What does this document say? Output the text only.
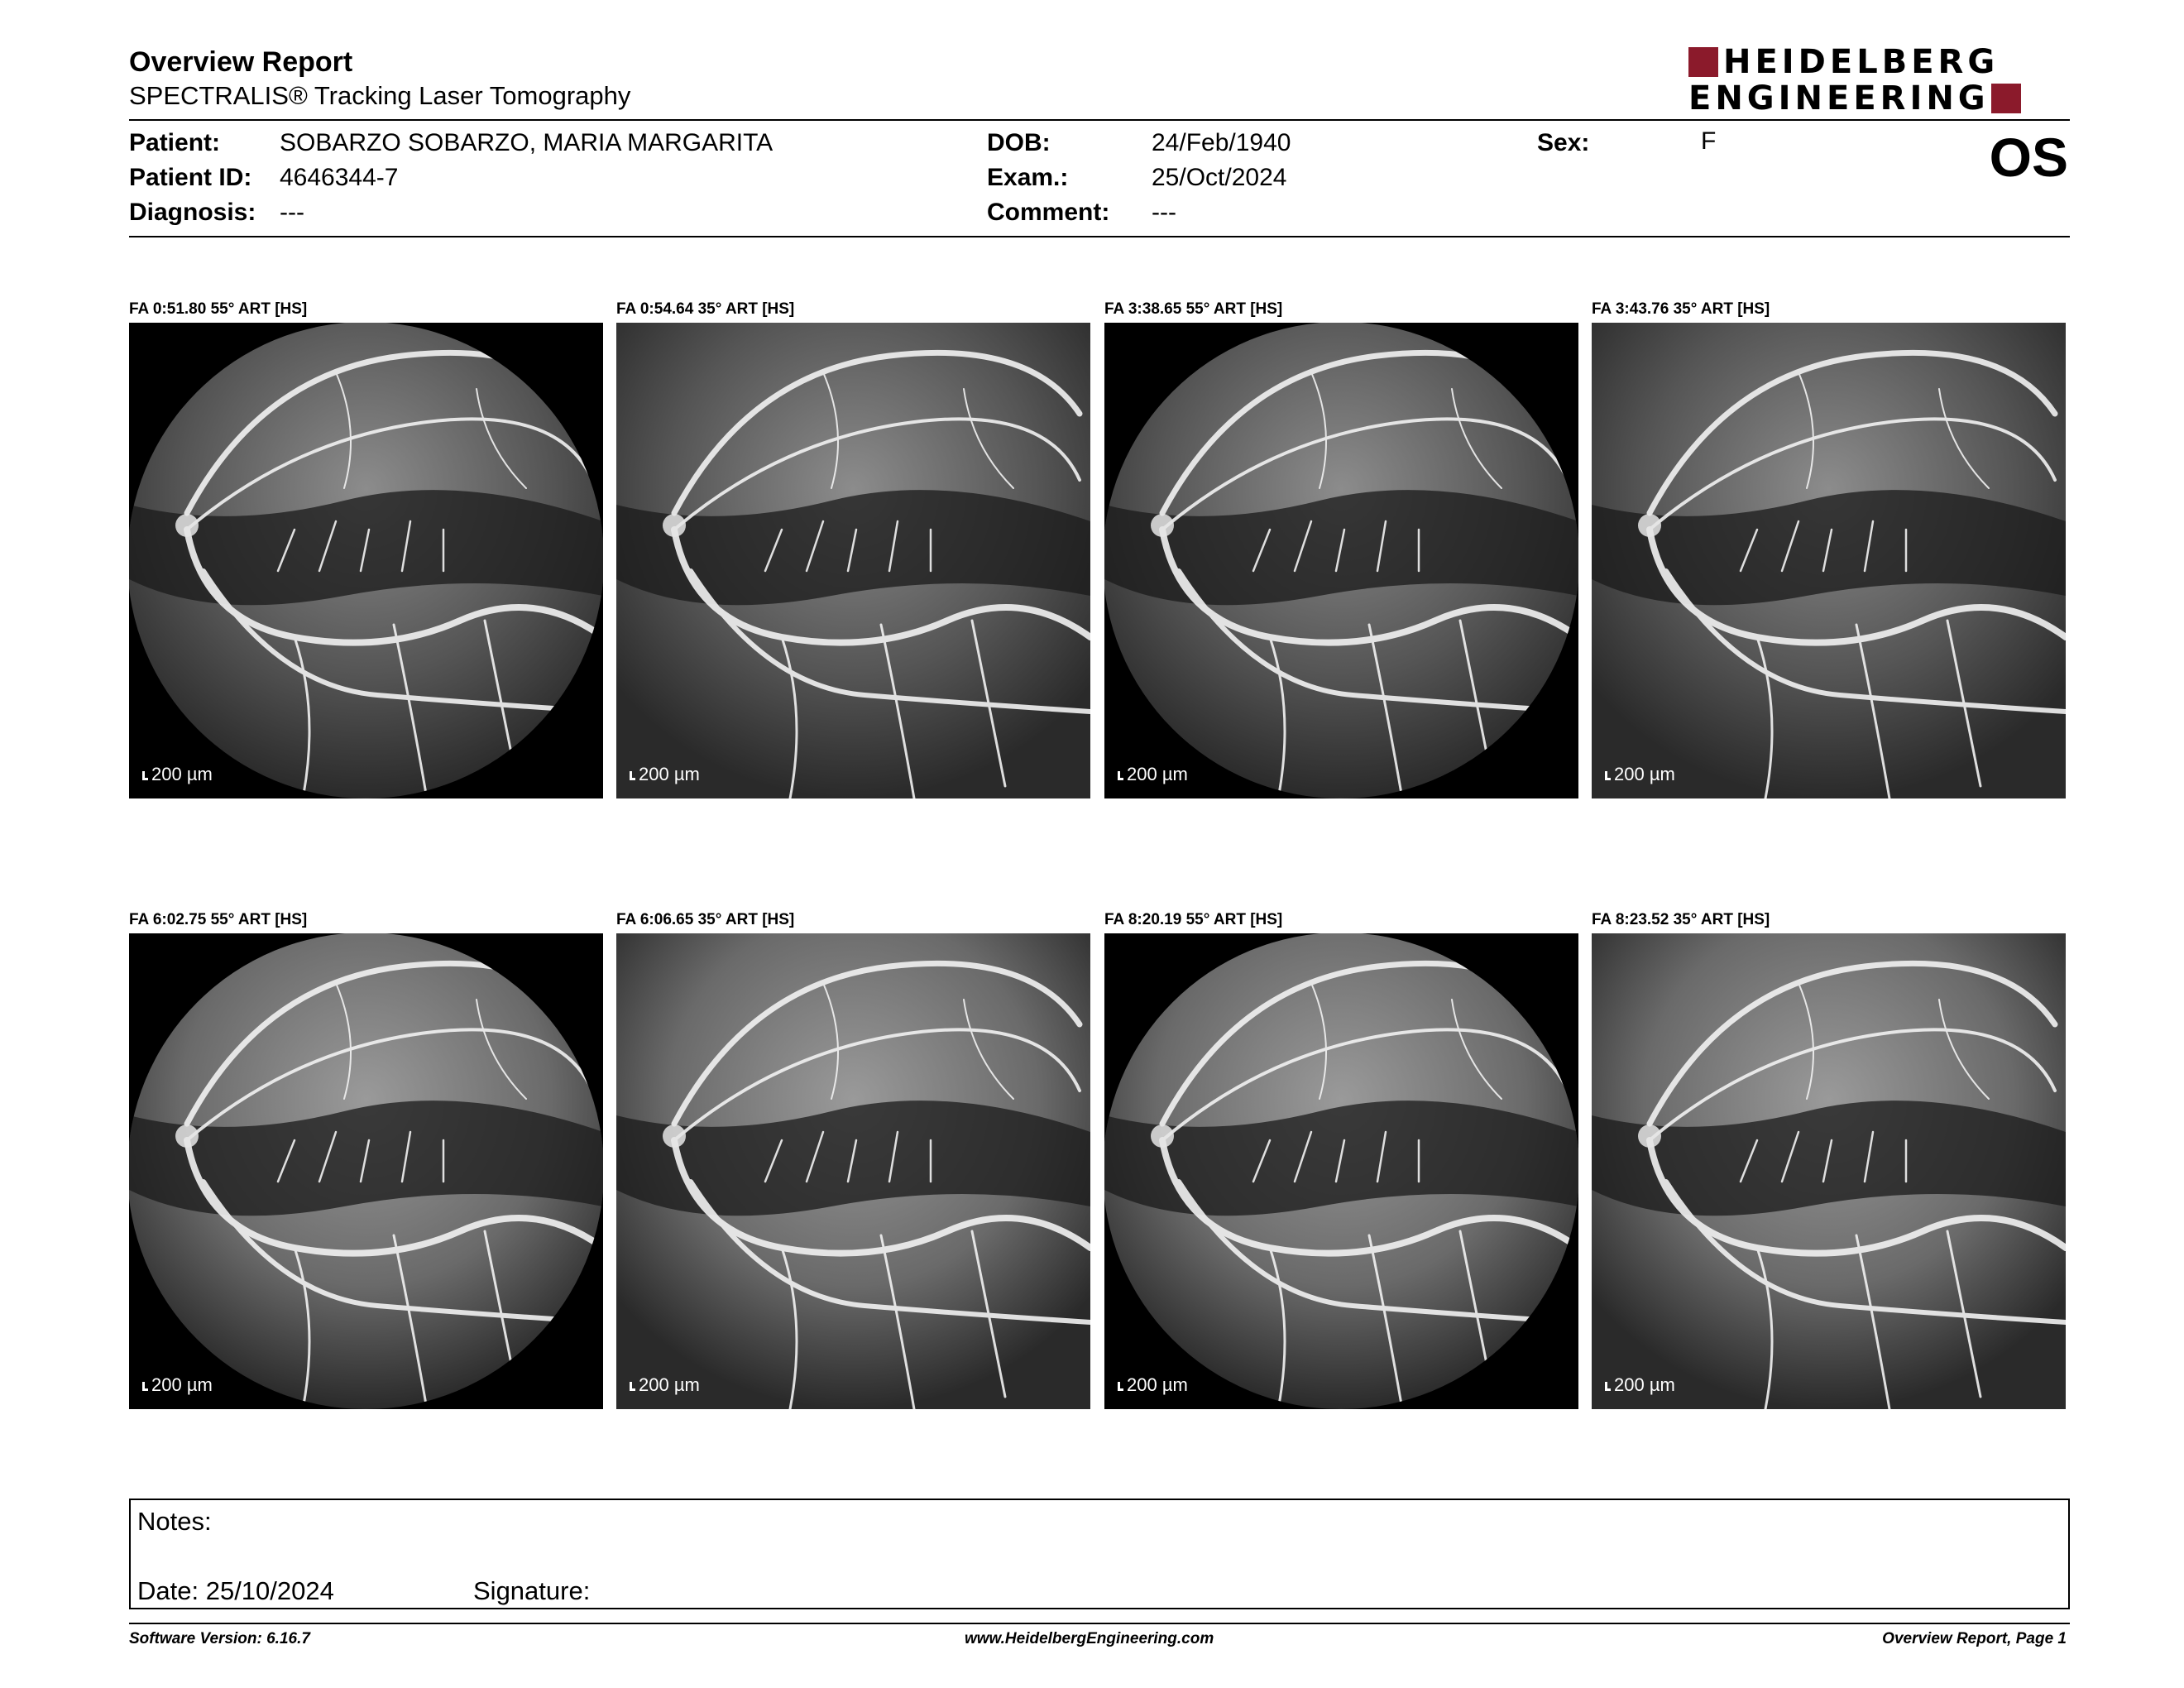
Overview Report
SPECTRALIS® Tracking Laser Tomography
HEIDELBERG
ENGINEERING
Patient: SOBARZO SOBARZO, MARIA MARGARITA
Patient ID: 4646344-7
Diagnosis: ---
DOB:	24/Feb/1940
Exam.:	25/Oct/2024
Comment: ---
Sex:	F	OS
FA 0:51.80 55° ART [HS]
200 µm
FA 0:54.64 35° ART [HS]
200 µm
FA 3:38.65 55° ART [HS]
200 µm
FA 3:43.76 35° ART [HS]
200 µm
FA 6:02.75 55° ART [HS]
200 µm
FA 6:06.65 35° ART [HS]
200 µm
FA 8:20.19 55° ART [HS]
200 µm
FA 8:23.52 35° ART [HS]
200 µm
Notes:
Date: 25/10/2024	Signature:
Software Version: 6.16.7	www.HeidelbergEngineering.com	Overview Report, Page 1
